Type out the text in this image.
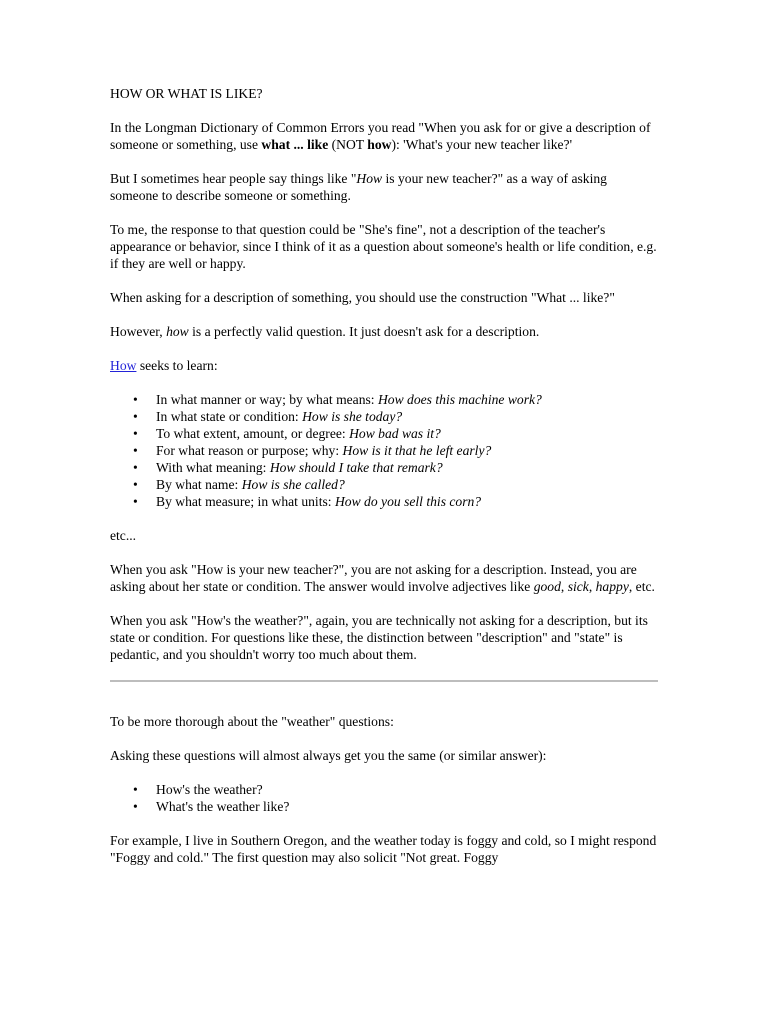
HOW OR WHAT IS LIKE?

In the Longman Dictionary of Common Errors you read "When you ask for or give a description of someone or something, use what ... like (NOT how): 'What's your new teacher like?'

But I sometimes hear people say things like "How is your new teacher?" as a way of asking someone to describe someone or something.

To me, the response to that question could be "She's fine", not a description of the teacher's appearance or behavior, since I think of it as a question about someone's health or life condition, e.g. if they are well or happy.

When asking for a description of something, you should use the construction "What ... like?"

However, how is a perfectly valid question. It just doesn't ask for a description.

How seeks to learn:

• In what manner or way; by what means: How does this machine work?
• In what state or condition: How is she today?
• To what extent, amount, or degree: How bad was it?
• For what reason or purpose; why: How is it that he left early?
• With what meaning: How should I take that remark?
• By what name: How is she called?
• By what measure; in what units: How do you sell this corn?

etc...

When you ask "How is your new teacher?", you are not asking for a description. Instead, you are asking about her state or condition. The answer would involve adjectives like good, sick, happy, etc.

When you ask "How's the weather?", again, you are technically not asking for a description, but its state or condition. For questions like these, the distinction between "description" and "state" is pedantic, and you shouldn't worry too much about them.

To be more thorough about the "weather" questions:

Asking these questions will almost always get you the same (or similar answer):

• How's the weather?
• What's the weather like?

For example, I live in Southern Oregon, and the weather today is foggy and cold, so I might respond "Foggy and cold." The first question may also solicit "Not great. Foggy
